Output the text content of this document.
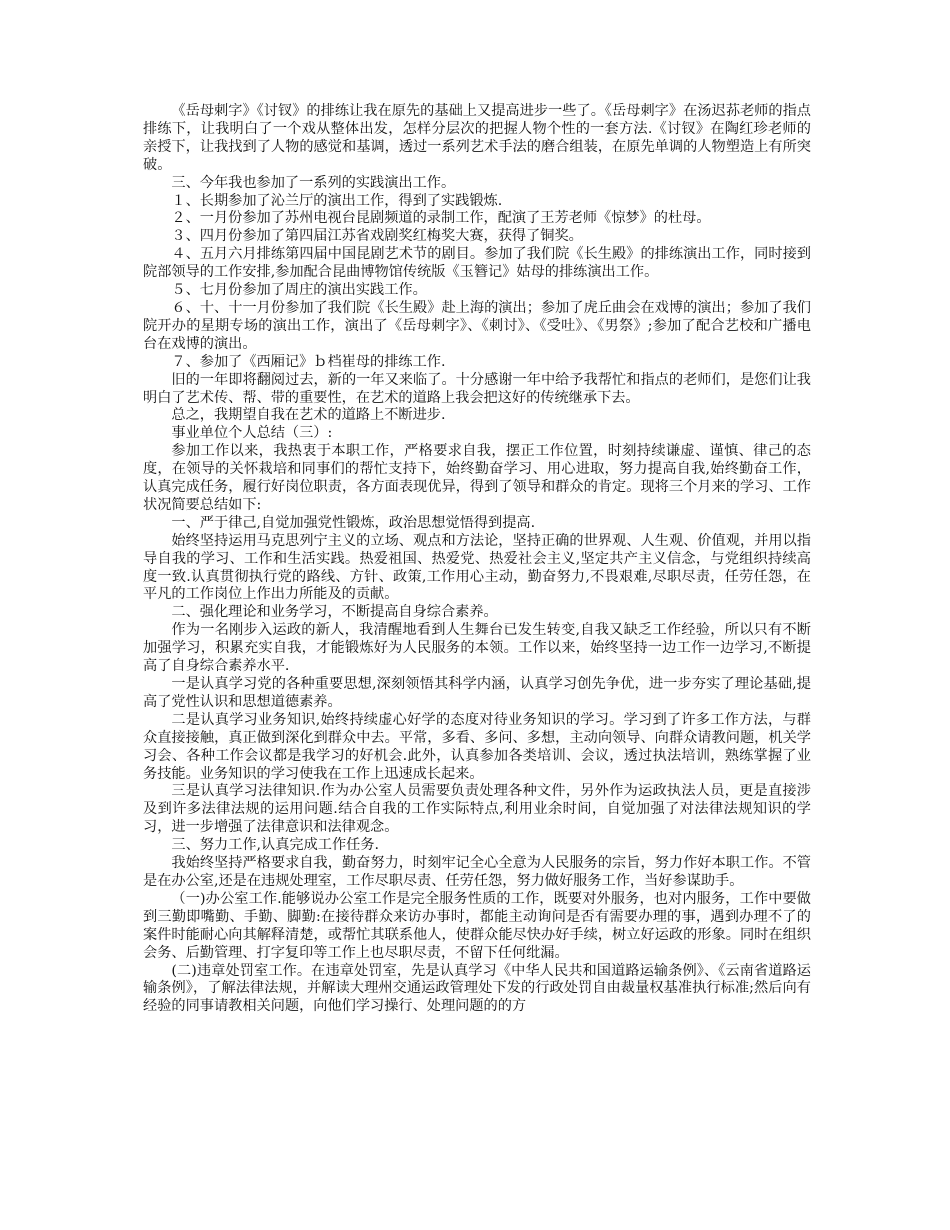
《岳母刺字》《讨钗》的排练让我在原先的基础上又提高进步一些了。《岳母刺字》在汤迟荪老师的指点排练下，让我明白了一个戏从整体出发，怎样分层次的把握人物个性的一套方法.《讨钗》在陶红珍老师的亲授下，让我找到了人物的感觉和基调，透过一系列艺术手法的磨合组装，在原先单调的人物塑造上有所突破。

三、今年我也参加了一系列的实践演出工作。

１、长期参加了沁兰厅的演出工作，得到了实践锻炼.

２、一月份参加了苏州电视台昆剧频道的录制工作，配演了王芳老师《惊梦》的杜母。

３、四月份参加了第四届江苏省戏剧奖红梅奖大赛，获得了铜奖。

４、五月六月排练第四届中国昆剧艺术节的剧目。参加了我们院《长生殿》的排练演出工作，同时接到院部领导的工作安排,参加配合昆曲博物馆传统版《玉簪记》姑母的排练演出工作。

５、七月份参加了周庄的演出实践工作。

６、十、十一月份参加了我们院《长生殿》赴上海的演出；参加了虎丘曲会在戏博的演出；参加了我们院开办的星期专场的演出工作，演出了《岳母刺字》、《刺讨》、《受吐》、《男祭》;参加了配合艺校和广播电台在戏博的演出。

７、参加了《西厢记》ｂ档崔母的排练工作.

旧的一年即将翻阅过去，新的一年又来临了。十分感谢一年中给予我帮忙和指点的老师们，是您们让我明白了艺术传、帮、带的重要性，在艺术的道路上我会把这好的传统继承下去。

总之，我期望自我在艺术的道路上不断进步.

事业单位个人总结（三）:

参加工作以来，我热衷于本职工作，严格要求自我，摆正工作位置，时刻持续谦虚、谨慎、律己的态度，在领导的关怀栽培和同事们的帮忙支持下，始终勤奋学习、用心进取，努力提高自我,始终勤奋工作，认真完成任务，履行好岗位职责，各方面表现优异，得到了领导和群众的肯定。现将三个月来的学习、工作状况简要总结如下:

一、严于律己,自觉加强党性锻炼，政治思想觉悟得到提高.

始终坚持运用马克思列宁主义的立场、观点和方法论，坚持正确的世界观、人生观、价值观，并用以指导自我的学习、工作和生活实践。热爱祖国、热爱党、热爱社会主义,坚定共产主义信念，与党组织持续高度一致.认真贯彻执行党的路线、方针、政策,工作用心主动，勤奋努力,不畏艰难,尽职尽责，任劳任怨，在平凡的工作岗位上作出力所能及的贡献。

二、强化理论和业务学习，不断提高自身综合素养。

作为一名刚步入运政的新人，我清醒地看到人生舞台已发生转变,自我又缺乏工作经验，所以只有不断加强学习，积累充实自我，才能锻炼好为人民服务的本领。工作以来，始终坚持一边工作一边学习,不断提高了自身综合素养水平.

一是认真学习党的各种重要思想,深刻领悟其科学内涵，认真学习创先争优，进一步夯实了理论基础,提高了党性认识和思想道德素养。

二是认真学习业务知识,始终持续虚心好学的态度对待业务知识的学习。学习到了许多工作方法，与群众直接接触，真正做到深化到群众中去。平常，多看、多问、多想，主动向领导、向群众请教问题，机关学习会、各种工作会议都是我学习的好机会.此外，认真参加各类培训、会议，透过执法培训，熟练掌握了业务技能。业务知识的学习使我在工作上迅速成长起来。

三是认真学习法律知识.作为办公室人员需要负责处理各种文件，另外作为运政执法人员，更是直接涉及到许多法律法规的运用问题.结合自我的工作实际特点,利用业余时间，自觉加强了对法律法规知识的学习，进一步增强了法律意识和法律观念。

三、努力工作,认真完成工作任务.

我始终坚持严格要求自我，勤奋努力，时刻牢记全心全意为人民服务的宗旨，努力作好本职工作。不管是在办公室,还是在违规处理室，工作尽职尽责、任劳任怨，努力做好服务工作，当好参谋助手。

（一)办公室工作.能够说办公室工作是完全服务性质的工作，既要对外服务，也对内服务，工作中要做到三勤即嘴勤、手勤、脚勤:在接待群众来访办事时，都能主动询问是否有需要办理的事，遇到办理不了的案件时能耐心向其解释清楚，或帮忙其联系他人，使群众能尽快办好手续，树立好运政的形象。同时在组织会务、后勤管理、打字复印等工作上也尽职尽责，不留下任何纰漏。

(二)违章处罚室工作。在违章处罚室，先是认真学习《中华人民共和国道路运输条例》、《云南省道路运输条例》，了解法律法规，并解读大理州交通运政管理处下发的行政处罚自由裁量权基准执行标准;然后向有经验的同事请教相关问题，向他们学习操行、处理问题的的方
